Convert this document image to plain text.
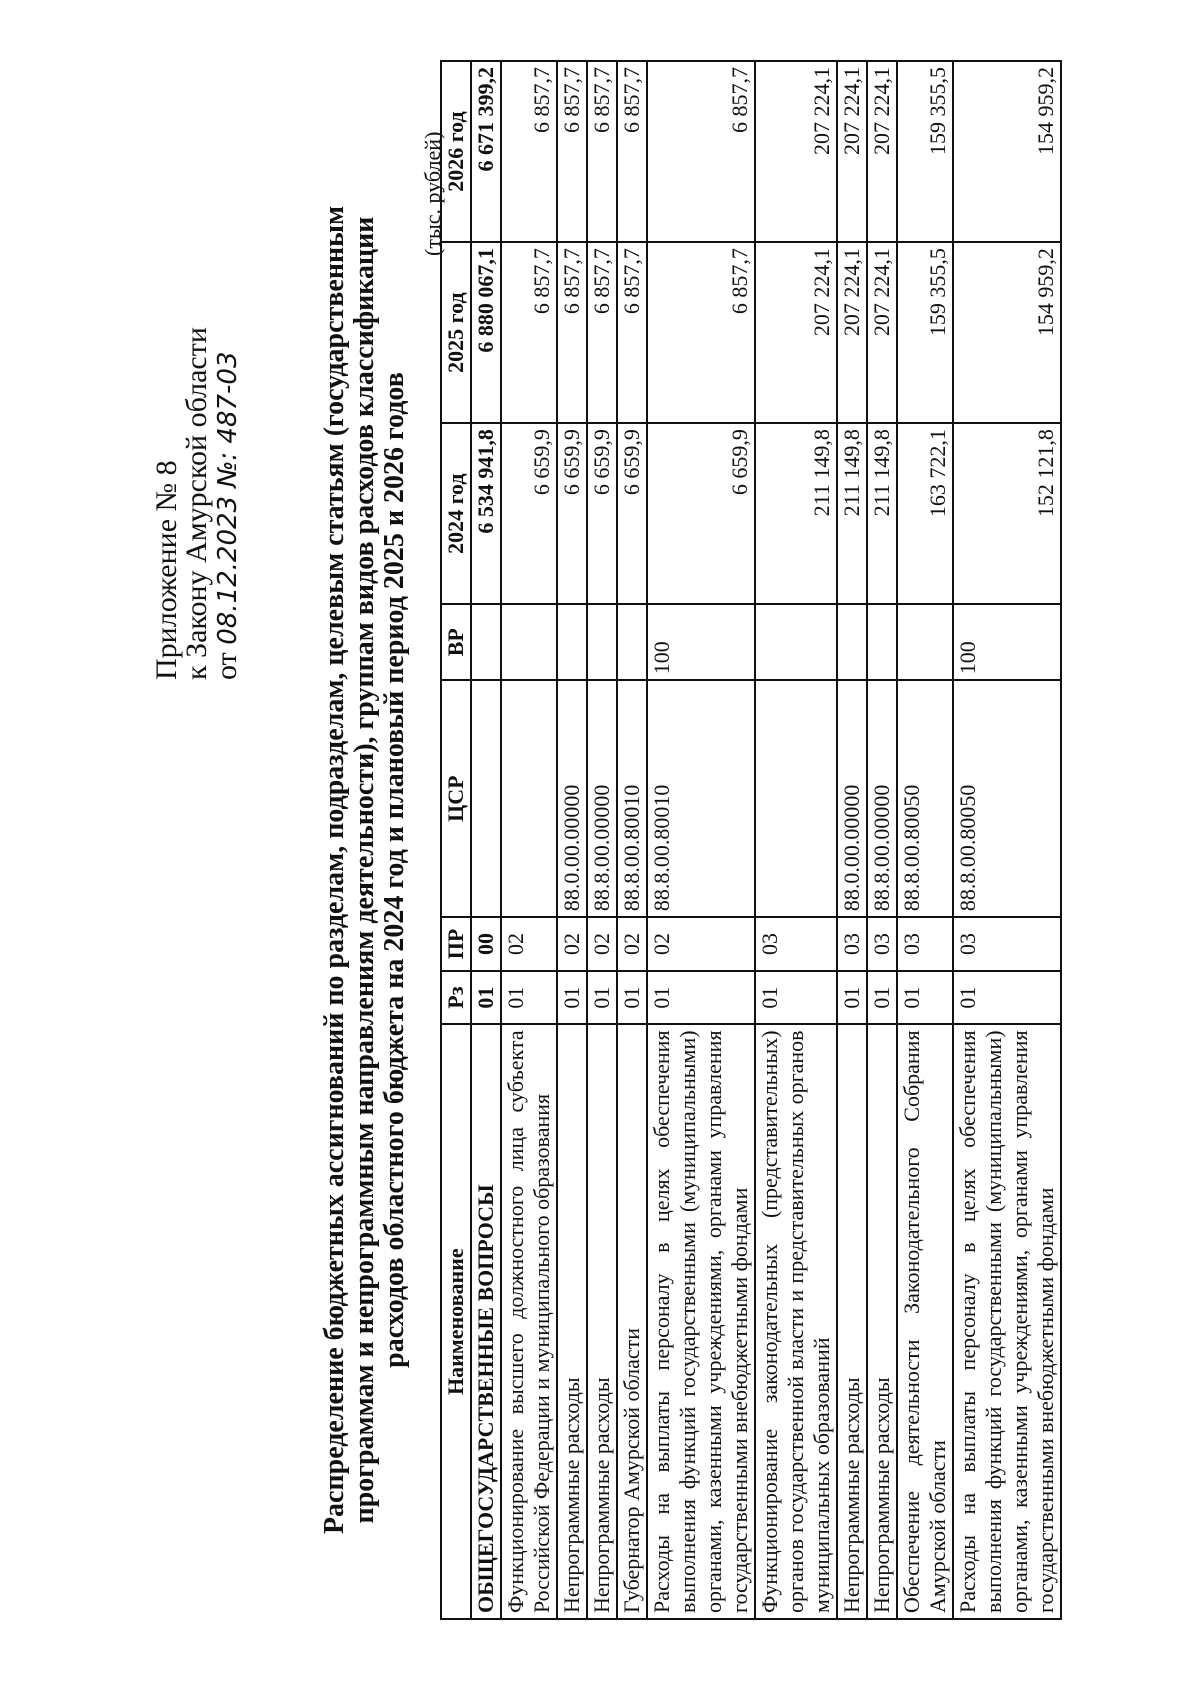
Приложение № 8
к Закону Амурской области
от 08.12.2023 №: 487-03	Распределение бюджетных ассигнований по разделам, подразделам, целевым статьям (государственным программам и непрограммным направлениям деятельности), группам видов расходов классификации расходов областного бюджета на 2024 год и плановый период 2025 и 2026 годов
(тыс. рублей)
Наименование	Рз	ПР	ЦСР	ВР	2024 год	2025 год	2026 год
ОБЩЕГОСУДАРСТВЕННЫЕ ВОПРОСЫ	01	00			6 534 941,8	6 880 067,1	6 671 399,2
Функционирование высшего должностного лица субъекта Российской Федерации и муниципального образования	01	02			6 659,9	6 857,7	6 857,7
Непрограммные расходы	01	02	88.0.00.00000		6 659,9	6 857,7	6 857,7
Непрограммные расходы	01	02	88.8.00.00000		6 659,9	6 857,7	6 857,7
Губернатор Амурской области	01	02	88.8.00.80010		6 659,9	6 857,7	6 857,7
Расходы на выплаты персоналу в целях обеспечения выполнения функций государственными (муниципальными) органами, казенными учреждениями, органами управления государственными внебюджетными фондами	01	02	88.8.00.80010	100	6 659,9	6 857,7	6 857,7
Функционирование законодательных (представительных) органов государственной власти и представительных органов муниципальных образований	01	03			211 149,8	207 224,1	207 224,1
Непрограммные расходы	01	03	88.0.00.00000		211 149,8	207 224,1	207 224,1
Непрограммные расходы	01	03	88.8.00.00000		211 149,8	207 224,1	207 224,1
Обеспечение деятельности Законодательного Собрания Амурской области	01	03	88.8.00.80050		163 722,1	159 355,5	159 355,5
Расходы на выплаты персоналу в целях обеспечения выполнения функций государственными (муниципальными) органами, казенными учреждениями, органами управления государственными внебюджетными фондами	01	03	88.8.00.80050	100	152 121,8	154 959,2	154 959,2
